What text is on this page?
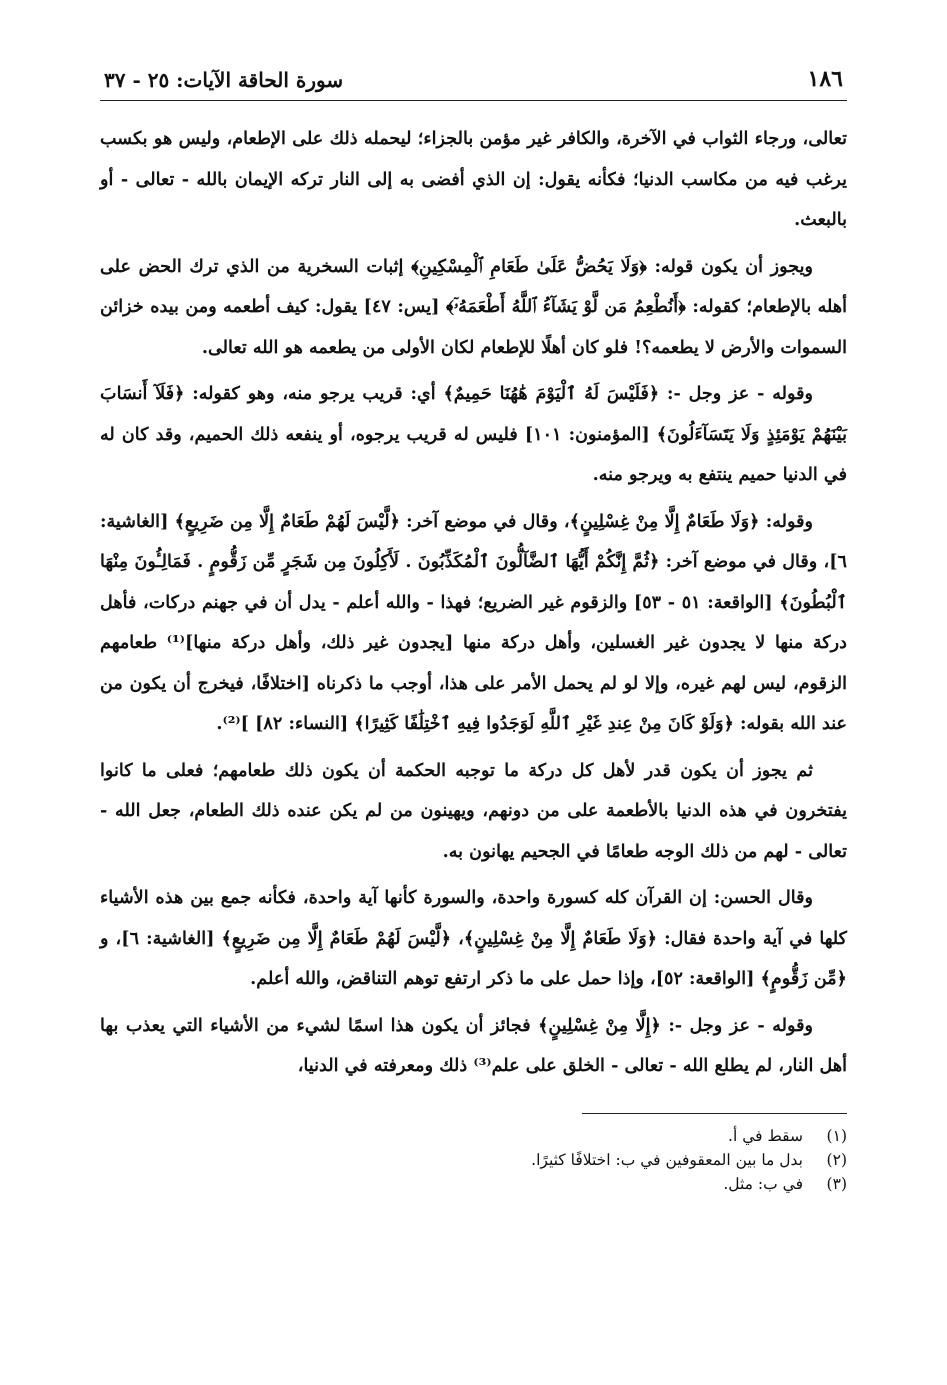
١٨٦
سورة الحاقة الآيات: ٢٥ - ٣٧

تعالى، ورجاء الثواب في الآخرة، والكافر غير مؤمن بالجزاء؛ ليحمله ذلك على الإطعام، وليس هو بكسب يرغب فيه من مكاسب الدنيا؛ فكأنه يقول: إن الذي أفضى به إلى النار تركه الإيمان بالله - تعالى - أو بالبعث.

ويجوز أن يكون قوله: ﴿وَلَا يَحُضُّ عَلَىٰ طَعَامِ ٱلْمِسْكِينِ﴾ إثبات السخرية من الذي ترك الحض على أهله بالإطعام؛ كقوله: ﴿أَنُطْعِمُ مَن لَّوْ يَشَآءُ ٱللَّهُ أَطْعَمَهُۥٓ﴾ [يس: ٤٧] يقول: كيف أطعمه ومن بيده خزائن السموات والأرض لا يطعمه؟! فلو كان أهلًا للإطعام لكان الأولى من يطعمه هو الله تعالى.

وقوله - عز وجل -: ﴿فَلَيْسَ لَهُ ٱلْيَوْمَ هَٰهُنَا حَمِيمٌ﴾ أي: قريب يرجو منه، وهو كقوله: ﴿فَلَآ أَنسَابَ بَيْنَهُمْ يَوْمَئِذٍ وَلَا يَتَسَآءَلُونَ﴾ [المؤمنون: ١٠١] فليس له قريب يرجوه، أو ينفعه ذلك الحميم، وقد كان له في الدنيا حميم ينتفع به ويرجو منه.

وقوله: ﴿وَلَا طَعَامٌ إِلَّا مِنْ غِسْلِينٍ﴾، وقال في موضع آخر: ﴿لَّيْسَ لَهُمْ طَعَامٌ إِلَّا مِن ضَرِيعٍ﴾ [الغاشية: ٦]، وقال في موضع آخر: ﴿ثُمَّ إِنَّكُمْ أَيُّهَا ٱلضَّآلُّونَ ٱلْمُكَذِّبُونَ . لَأَكِلُونَ مِن شَجَرٍ مِّن زَقُّومٍ . فَمَالِـُٔونَ مِنْهَا ٱلْبُطُونَ﴾ [الواقعة: ٥١ - ٥٣] والزقوم غير الضريع؛ فهذا - والله أعلم - يدل أن في جهنم دركات، فأهل دركة منها لا يجدون غير الغسلين، وأهل دركة منها [يجدون غير ذلك، وأهل دركة منها]⁽¹⁾ طعامهم الزقوم، ليس لهم غيره، وإلا لو لم يحمل الأمر على هذا، أوجب ما ذكرناه [اختلافًا، فيخرج أن يكون من عند الله بقوله: ﴿وَلَوْ كَانَ مِنْ عِندِ غَيْرِ ٱللَّهِ لَوَجَدُوا فِيهِ ٱخْتِلَٰفًا كَثِيرًا﴾ [النساء: ٨٢] ]⁽²⁾.

ثم يجوز أن يكون قدر لأهل كل دركة ما توجبه الحكمة أن يكون ذلك طعامهم؛ فعلى ما كانوا يفتخرون في هذه الدنيا بالأطعمة على من دونهم، ويهينون من لم يكن عنده ذلك الطعام، جعل الله - تعالى - لهم من ذلك الوجه طعامًا في الجحيم يهانون به.

وقال الحسن: إن القرآن كله كسورة واحدة، والسورة كأنها آية واحدة، فكأنه جمع بين هذه الأشياء كلها في آية واحدة فقال: ﴿وَلَا طَعَامٌ إِلَّا مِنْ غِسْلِينٍ﴾، ﴿لَّيْسَ لَهُمْ طَعَامٌ إِلَّا مِن ضَرِيعٍ﴾ [الغاشية: ٦]، و ﴿مِّن زَقُّومٍ﴾ [الواقعة: ٥٢]، وإذا حمل على ما ذكر ارتفع توهم التناقض، والله أعلم.

وقوله - عز وجل -: ﴿إِلَّا مِنْ غِسْلِينٍ﴾ فجائز أن يكون هذا اسمًا لشيء من الأشياء التي يعذب بها أهل النار، لم يطلع الله - تعالى - الخلق على علم⁽³⁾ ذلك ومعرفته في الدنيا،

(١)
سقط في أ.
(٢)
بدل ما بين المعقوفين في ب: اختلافًا كثيرًا.
(٣)
في ب: مثل.
